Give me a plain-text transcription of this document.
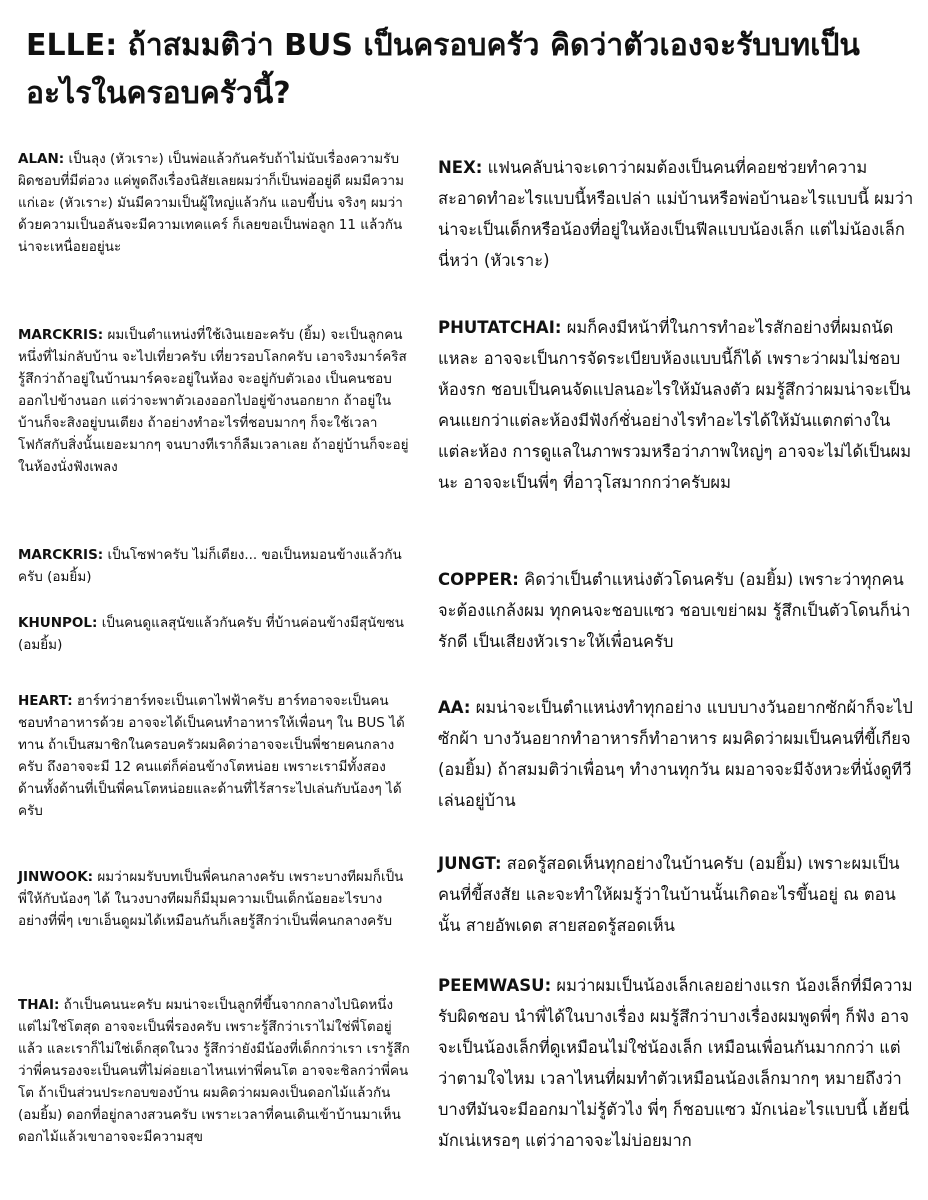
ELLE: ถ้าสมมติว่า BUS เป็นครอบครัว คิดว่าตัวเองจะรับบทเป็นอะไรในครอบครัวนี้?

ALAN: เป็นลุง (หัวเราะ) เป็นพ่อแล้วกันครับถ้าไม่นับเรื่องความรับผิดชอบที่มีต่อวง แค่พูดถึงเรื่องนิสัยเลยผมว่าก็เป็นพ่ออยู่ดี ผมมีความแก่เอะ (หัวเราะ) มันมีความเป็นผู้ใหญ่แล้วกัน แอบขี้บ่น จริงๆ ผมว่าด้วยความเป็นอลันจะมีความเทคแคร์ ก็เลยขอเป็นพ่อลูก 11 แล้วกัน น่าจะเหนื่อยอยู่นะ

MARCKRIS: ผมเป็นตำแหน่งที่ใช้เงินเยอะครับ (ยิ้ม) จะเป็นลูกคนหนึ่งที่ไม่กลับบ้าน จะไปเที่ยวครับ เที่ยวรอบโลกครับ เอาจริงมาร์คริสรู้สึกว่าถ้าอยู่ในบ้านมาร์คจะอยู่ในห้อง จะอยู่กับตัวเอง เป็นคนชอบออกไปข้างนอก แต่ว่าจะพาตัวเองออกไปอยู่ข้างนอกยาก ถ้าอยู่ในบ้านก็จะสิงอยู่บนเตียง ถ้าอย่างทำอะไรที่ชอบมากๆ ก็จะใช้เวลาโฟกัสกับสิ่งนั้นเยอะมากๆ จนบางทีเราก็ลืมเวลาเลย ถ้าอยู่บ้านก็จะอยู่ในห้องนั่งฟังเพลง

MARCKRIS: เป็นโซฟาครับ ไม่ก็เตียง... ขอเป็นหมอนข้างแล้วกันครับ (อมยิ้ม)

KHUNPOL: เป็นคนดูแลสุนัขแล้วกันครับ ที่บ้านค่อนข้างมีสุนัขซน (อมยิ้ม)

HEART: ฮาร์ทว่าฮาร์ทจะเป็นเตาไฟฟ้าครับ ฮาร์ทอาจจะเป็นคนชอบทำอาหารด้วย อาจจะได้เป็นคนทำอาหารให้เพื่อนๆ ใน BUS ได้ทาน ถ้าเป็นสมาชิกในครอบครัวผมคิดว่าอาจจะเป็นพี่ชายคนกลางครับ ถึงอาจจะมี 12 คนแต่ก็ค่อนข้างโตหน่อย เพราะเรามีทั้งสองด้านทั้งด้านที่เป็นพี่คนโตหน่อยและด้านที่ไร้สาระไปเล่นกับน้องๆ ได้ครับ

JINWOOK: ผมว่าผมรับบทเป็นพี่คนกลางครับ เพราะบางทีผมก็เป็นพี่ให้กับน้องๆ ได้ ในวงบางทีผมก็มีมุมความเป็นเด็กน้อยอะไรบางอย่างที่พี่ๆ เขาเอ็นดูผมได้เหมือนกันก็เลยรู้สึกว่าเป็นพี่คนกลางครับ

THAI: ถ้าเป็นคนนะครับ ผมน่าจะเป็นลูกที่ขึ้นจากกลางไปนิดหนึ่งแต่ไม่ใช่โตสุด อาจจะเป็นพี่รองครับ เพราะรู้สึกว่าเราไม่ใช่พี่โตอยู่แล้ว และเราก็ไม่ใช่เด็กสุดในวง รู้สึกว่ายังมีน้องที่เด็กกว่าเรา เรารู้สึกว่าพี่คนรองจะเป็นคนที่ไม่ค่อยเอาไหนเท่าพี่คนโต อาจจะชิลกว่าพี่คนโต ถ้าเป็นส่วนประกอบของบ้าน ผมคิดว่าผมคงเป็นดอกไม้แล้วกัน (อมยิ้ม) ดอกที่อยู่กลางสวนครับ เพราะเวลาที่คนเดินเข้าบ้านมาเห็นดอกไม้แล้วเขาอาจจะมีความสุข

NEX: แฟนคลับน่าจะเดาว่าผมต้องเป็นคนที่คอยช่วยทำความสะอาดทำอะไรแบบนี้หรือเปล่า แม่บ้านหรือพ่อบ้านอะไรแบบนี้ ผมว่าน่าจะเป็นเด็กหรือน้องที่อยู่ในห้องเป็นฟีลแบบน้องเล็ก แต่ไม่น้องเล็กนี่หว่า (หัวเราะ)

PHUTATCHAI: ผมก็คงมีหน้าที่ในการทำอะไรสักอย่างที่ผมถนัดแหละ อาจจะเป็นการจัดระเบียบห้องแบบนี้ก็ได้ เพราะว่าผมไม่ชอบห้องรก ชอบเป็นคนจัดแปลนอะไรให้มันลงตัว ผมรู้สึกว่าผมน่าจะเป็นคนแยกว่าแต่ละห้องมีฟังก์ชั่นอย่างไรทำอะไรได้ให้มันแตกต่างในแต่ละห้อง การดูแลในภาพรวมหรือว่าภาพใหญ่ๆ อาจจะไม่ได้เป็นผมนะ อาจจะเป็นพี่ๆ ที่อาวุโสมากกว่าครับผม

COPPER: คิดว่าเป็นตำแหน่งตัวโดนครับ (อมยิ้ม) เพราะว่าทุกคนจะต้องแกล้งผม ทุกคนจะชอบแซว ชอบเขย่าผม รู้สึกเป็นตัวโดนก็น่ารักดี เป็นเสียงหัวเราะให้เพื่อนครับ

AA: ผมน่าจะเป็นตำแหน่งทำทุกอย่าง แบบบางวันอยากซักผ้าก็จะไปซักผ้า บางวันอยากทำอาหารก็ทำอาหาร ผมคิดว่าผมเป็นคนที่ขี้เกียจ (อมยิ้ม) ถ้าสมมติว่าเพื่อนๆ ทำงานทุกวัน ผมอาจจะมีจังหวะที่นั่งดูทีวี เล่นอยู่บ้าน

JUNGT: สอดรู้สอดเห็นทุกอย่างในบ้านครับ (อมยิ้ม) เพราะผมเป็นคนที่ขี้สงสัย และจะทำให้ผมรู้ว่าในบ้านนั้นเกิดอะไรขึ้นอยู่ ณ ตอนนั้น สายอัพเดต สายสอดรู้สอดเห็น

PEEMWASU: ผมว่าผมเป็นน้องเล็กเลยอย่างแรก น้องเล็กที่มีความรับผิดชอบ นำพี่ได้ในบางเรื่อง ผมรู้สึกว่าบางเรื่องผมพูดพี่ๆ ก็ฟัง อาจจะเป็นน้องเล็กที่ดูเหมือนไม่ใช่น้องเล็ก เหมือนเพื่อนกันมากกว่า แต่ว่าตามใจไหม เวลาไหนที่ผมทำตัวเหมือนน้องเล็กมากๆ หมายถึงว่าบางทีมันจะมีออกมาไม่รู้ตัวไง พี่ๆ ก็ชอบแซว มักเน่อะไรแบบนี้ เฮ้ยนี่มักเน่เหรอๆ แต่ว่าอาจจะไม่บ่อยมาก
